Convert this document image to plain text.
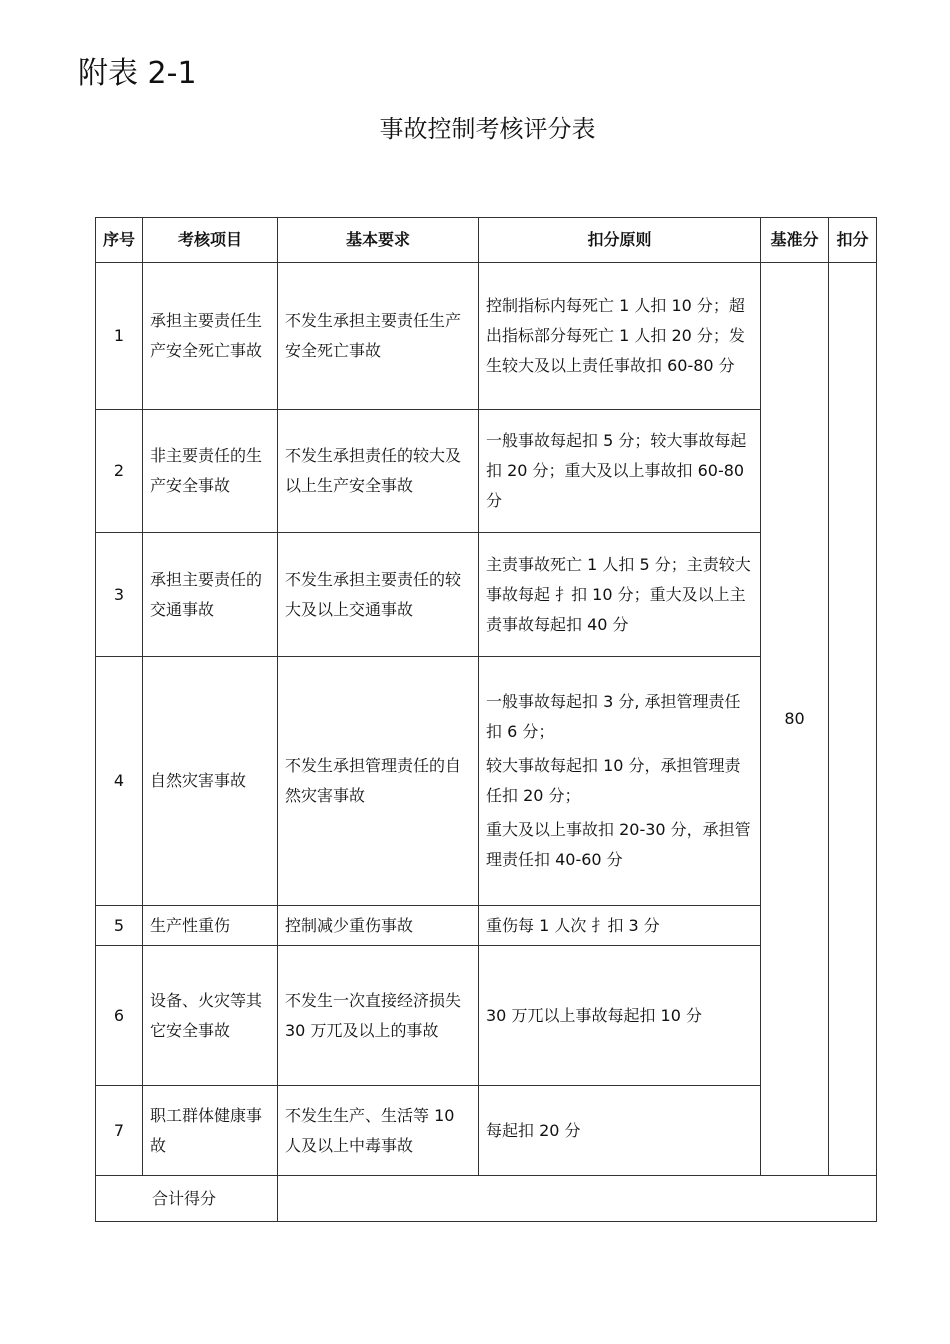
附表 2-1
事故控制考核评分表
序号	考核项目	基本要求	扣分原则	基准分	扣分
1	承担主要责任生产安全死亡事故	不发生承担主要责任生产安全死亡事故	控制指标内每死亡 1 人扣 10 分；超出指标部分每死亡 1 人扣 20 分；发生较大及以上责任事故扣 60-80 分	80	
2	非主要责任的生产安全事故	不发生承担责任的较大及以上生产安全事故	一般事故每起扣 5 分；较大事故每起扣 20 分；重大及以上事故扣 60-80 分		

3	承担主要责任的交通事故	不发生承担主要责任的较大及以上交通事故	主责事故死亡 1 人扣 5 分；主责较大事故每起 扌扣 10 分；重大及以上主责事故每起扣 40 分		

4	自然灾害事故	不发生承担管理责任的自然灾害事故	一般事故每起扣 3 分, 承担管理责任扣 6 分；

较大事故每起扣 10 分，承担管理责任扣 20 分；

重大及以上事故扣 20-30 分，承担管理责任扣 40-60 分		

5	生产性重伤	控制减少重伤事故	重伤每 1 人次 扌扣 3 分		

6	设备、火灾等其它安全事故	不发生一次直接经济损失 30 万兀及以上的事故	30 万兀以上事故每起扣 10 分		

7	职工群体健康事故	不发生生产、生活等 10 人及以上中毒事故	每起扣 20 分		

合计得分					
